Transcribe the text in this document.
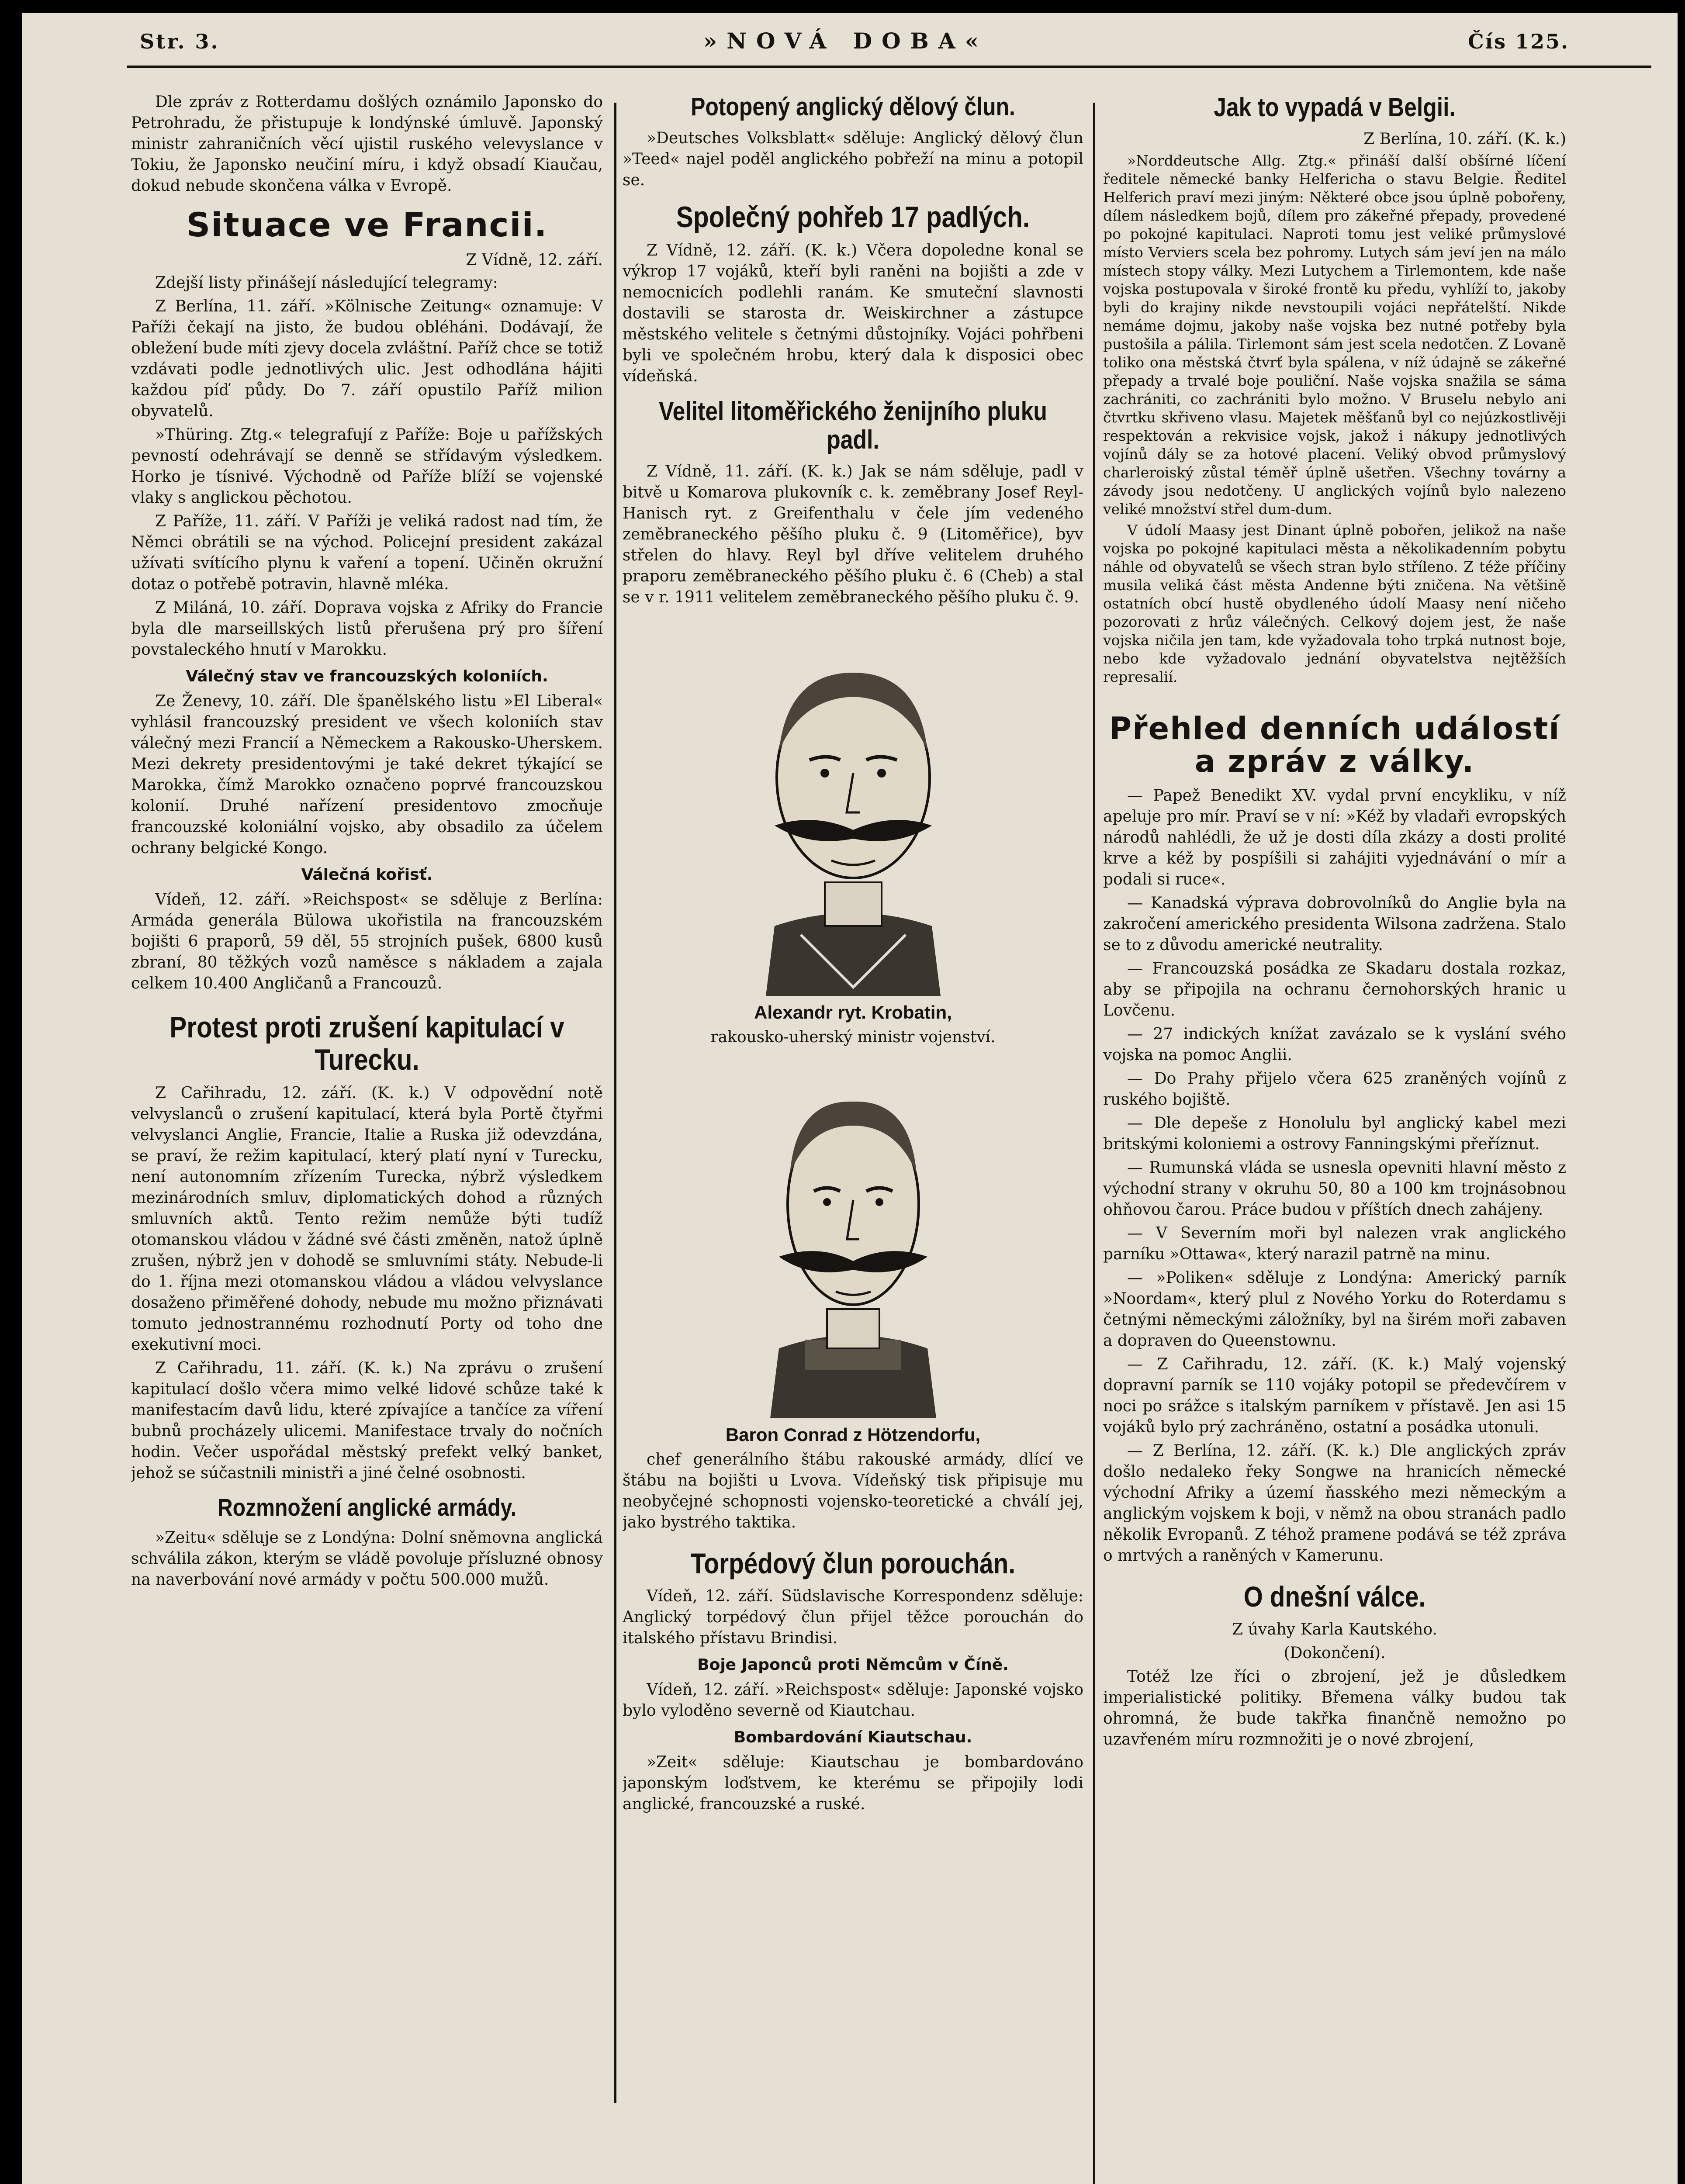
Str. 3.	»NOVÁ DOBA«	Čís 125.

Dle zpráv z Rotterdamu došlých oznámilo Japonsko do Petrohradu, že přistupuje k londýnské úmluvě. Japonský ministr zahraničních věcí ujistil ruského velevyslance v Tokiu, že Japonsko neučiní míru, i když obsadí Kiaučau, dokud nebude skončena válka v Evropě.

Situace ve Francii.
Z Vídně, 12. září.

Zdejší listy přinášejí následující telegramy:

Z Berlína, 11. září. »Kölnische Zeitung« oznamuje: V Paříži čekají na jisto, že budou obléháni. Dodávají, že obležení bude míti zjevy docela zvláštní. Paříž chce se totiž vzdávati podle jednotlivých ulic. Jest odhodlána hájiti každou píď půdy. Do 7. září opustilo Paříž milion obyvatelů.

»Thüring. Ztg.« telegrafují z Paříže: Boje u pařížských pevností odehrávají se denně se střídavým výsledkem. Horko je tísnivé. Východně od Paříže blíží se vojenské vlaky s anglickou pěchotou.

Z Paříže, 11. září. V Paříži je veliká radost nad tím, že Němci obrátili se na východ. Policejní president zakázal užívati svítícího plynu k vaření a topení. Učiněn okružní dotaz o potřebě potravin, hlavně mléka.

Z Miláná, 10. září. Doprava vojska z Afriky do Francie byla dle marseillských listů přerušena prý pro šíření povstaleckého hnutí v Marokku.

Válečný stav ve francouzských koloniích.

Ze Ženevy, 10. září. Dle španělského listu »El Liberal« vyhlásil francouzský president ve všech koloniích stav válečný mezi Francií a Německem a Rakousko-Uherskem. Mezi dekrety presidentovými je také dekret týkající se Marokka, čímž Marokko označeno poprvé francouzskou kolonií. Druhé nařízení presidentovo zmocňuje francouzské koloniální vojsko, aby obsadilo za účelem ochrany belgické Kongo.

Válečná kořisť.

Vídeň, 12. září. »Reichspost« se sděluje z Berlína: Armáda generála Bülowa ukořistila na francouzském bojišti 6 praporů, 59 děl, 55 strojních pušek, 6800 kusů zbraní, 80 těžkých vozů naměsce s nákladem a zajala celkem 10.400 Angličanů a Francouzů.

Protest proti zrušení kapitulací v Turecku.

Z Cařihradu, 12. září. (K. k.) V odpovědní notě velvyslanců o zrušení kapitulací, která byla Portě čtyřmi velvyslanci Anglie, Francie, Italie a Ruska již odevzdána, se praví, že režim kapitulací, který platí nyní v Turecku, není autonomním zřízením Turecka, nýbrž výsledkem mezinárodních smluv, diplomatických dohod a různých smluvních aktů. Tento režim nemůže býti tudíž otomanskou vládou v žádné své části změněn, natož úplně zrušen, nýbrž jen v dohodě se smluvními státy. Nebude-li do 1. října mezi otomanskou vládou a vládou velvyslance dosaženo přiměřené dohody, nebude mu možno přiznávati tomuto jednostrannému rozhodnutí Porty od toho dne exekutivní moci.

Z Cařihradu, 11. září. (K. k.) Na zprávu o zrušení kapitulací došlo včera mimo velké lidové schůze také k manifestacím davů lidu, které zpívajíce a tančíce za víření bubnů procházely ulicemi. Manifestace trvaly do nočních hodin. Večer uspořádal městský prefekt velký banket, jehož se súčastnili ministři a jiné čelné osobnosti.

Rozmnožení anglické armády.

»Zeitu« sděluje se z Londýna: Dolní sněmovna anglická schválila zákon, kterým se vládě povoluje přísluzné obnosy na naverbování nové armády v počtu 500.000 mužů.

Potopený anglický dělový člun.

»Deutsches Volksblatt« sděluje: Anglický dělový člun »Teed« najel poděl anglického pobřeží na minu a potopil se.

Společný pohřeb 17 padlých.

Z Vídně, 12. září. (K. k.) Včera dopoledne konal se výkrop 17 vojáků, kteří byli raněni na bojišti a zde v nemocnicích podlehli ranám. Ke smuteční slavnosti dostavili se starosta dr. Weiskirchner a zástupce městského velitele s četnými důstojníky. Vojáci pohřbeni byli ve společném hrobu, který dala k disposici obec vídeňská.

Velitel litoměřického ženijního pluku padl.

Z Vídně, 11. září. (K. k.) Jak se nám sděluje, padl v bitvě u Komarova plukovník c. k. zeměbrany Josef Reyl-Hanisch ryt. z Greifenthalu v čele jím vedeného zeměbraneckého pěšího pluku č. 9 (Litoměřice), byv střelen do hlavy. Reyl byl dříve velitelem druhého praporu zeměbraneckého pěšího pluku č. 6 (Cheb) a stal se v r. 1911 velitelem zeměbraneckého pěšího pluku č. 9.

Alexandr ryt. Krobatin,
rakousko-uherský ministr vojenství.
Baron Conrad z Hötzendorfu,

chef generálního štábu rakouské armády, dlící ve štábu na bojišti u Lvova. Vídeňský tisk připisuje mu neobyčejné schopnosti vojensko-teoretické a chválí jej, jako bystrého taktika.

Torpédový člun porouchán.

Vídeň, 12. září. Südslavische Korrespondenz sděluje: Anglický torpédový člun přijel těžce porouchán do italského přístavu Brindisi.

Boje Japonců proti Němcům v Číně.

Vídeň, 12. září. »Reichspost« sděluje: Japonské vojsko bylo vyloděno severně od Kiautchau.

Bombardování Kiautschau.

»Zeit« sděluje: Kiautschau je bombardováno japonským loďstvem, ke kterému se připojily lodi anglické, francouzské a ruské.

Jak to vypadá v Belgii.
Z Berlína, 10. září. (K. k.)

»Norddeutsche Allg. Ztg.« přináší další obšírné líčení ředitele německé banky Helfericha o stavu Belgie. Ředitel Helferich praví mezi jiným: Některé obce jsou úplně pobořeny, dílem následkem bojů, dílem pro zákeřné přepady, provedené po pokojné kapitulaci. Naproti tomu jest veliké průmyslové místo Verviers scela bez pohromy. Lutych sám jeví jen na málo místech stopy války. Mezi Lutychem a Tirlemontem, kde naše vojska postupovala v široké frontě ku předu, vyhlíží to, jakoby byli do krajiny nikde nevstoupili vojáci nepřátelští. Nikde nemáme dojmu, jakoby naše vojska bez nutné potřeby byla pustošila a pálila. Tirlemont sám jest scela nedotčen. Z Lovaně toliko ona městská čtvrť byla spálena, v níž údajně se zákeřné přepady a trvalé boje pouliční. Naše vojska snažila se sáma zachrániti, co zachrániti bylo možno. V Bruselu nebylo ani čtvrtku skřiveno vlasu. Majetek měšťanů byl co nejúzkostlivěji respektován a rekvisice vojsk, jakož i nákupy jednotlivých vojínů dály se za hotové placení. Veliký obvod průmyslový charleroiský zůstal téměř úplně ušetřen. Všechny továrny a závody jsou nedotčeny. U anglických vojínů bylo nalezeno veliké množství střel dum-dum.

V údolí Maasy jest Dinant úplně pobořen, jelikož na naše vojska po pokojné kapitulaci města a několikadenním pobytu náhle od obyvatelů se všech stran bylo stříleno. Z téže příčiny musila veliká část města Andenne býti zničena. Na většině ostatních obcí hustě obydleného údolí Maasy není ničeho pozorovati z hrůz válečných. Celkový dojem jest, že naše vojska ničila jen tam, kde vyžadovala toho trpká nutnost boje, nebo kde vyžadovalo jednání obyvatelstva nejtěžších represalií.

Přehled denních událostí a zpráv z války.

— Papež Benedikt XV. vydal první encykliku, v níž apeluje pro mír. Praví se v ní: »Kéž by vladaři evropských národů nahlédli, že už je dosti díla zkázy a dosti prolité krve a kéž by pospíšili si zahájiti vyjednávání o mír a podali si ruce«.

— Kanadská výprava dobrovolníků do Anglie byla na zakročení amerického presidenta Wilsona zadržena. Stalo se to z důvodu americké neutrality.

— Francouzská posádka ze Skadaru dostala rozkaz, aby se připojila na ochranu černohorských hranic u Lovčenu.

— 27 indických knížat zavázalo se k vyslání svého vojska na pomoc Anglii.

— Do Prahy přijelo včera 625 zraněných vojínů z ruského bojiště.

— Dle depeše z Honolulu byl anglický kabel mezi britskými koloniemi a ostrovy Fanningskými přeříznut.

— Rumunská vláda se usnesla opevniti hlavní město z východní strany v okruhu 50, 80 a 100 km trojnásobnou ohňovou čarou. Práce budou v příštích dnech zahájeny.

— V Severním moři byl nalezen vrak anglického parníku »Ottawa«, který narazil patrně na minu.

— »Poliken« sděluje z Londýna: Americký parník »Noordam«, který plul z Nového Yorku do Roterdamu s četnými německými záložníky, byl na širém moři zabaven a dopraven do Queenstownu.

— Z Cařihradu, 12. září. (K. k.) Malý vojenský dopravní parník se 110 vojáky potopil se předevčírem v noci po srážce s italským parníkem v přístavě. Jen asi 15 vojáků bylo prý zachráněno, ostatní a posádka utonuli.

— Z Berlína, 12. září. (K. k.) Dle anglických zpráv došlo nedaleko řeky Songwe na hranicích německé východní Afriky a území ňasského mezi německým a anglickým vojskem k boji, v němž na obou stranách padlo několik Evropanů. Z téhož pramene podává se též zpráva o mrtvých a raněných v Kamerunu.

O dnešní válce.
Z úvahy Karla Kautského.
(Dokončení).

Totéž lze říci o zbrojení, jež je důsledkem imperialistické politiky. Břemena války budou tak ohromná, že bude takřka finančně nemožno po uzavřeném míru rozmnožiti je o nové zbrojení,
